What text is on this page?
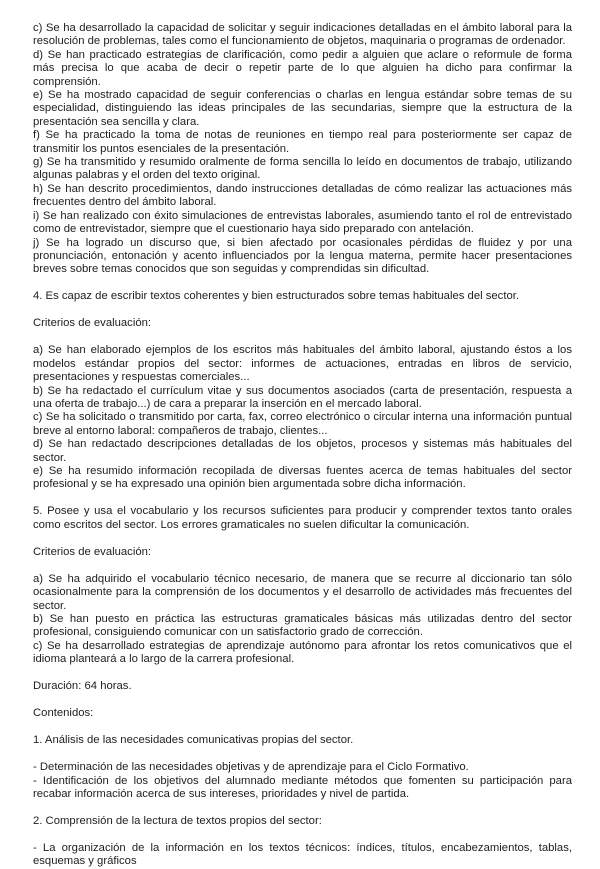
c) Se ha desarrollado la capacidad de solicitar y seguir indicaciones detalladas en el ámbito laboral para la resolución de problemas, tales como el funcionamiento de objetos, maquinaria o programas de ordenador.

d) Se han practicado estrategias de clarificación, como pedir a alguien que aclare o reformule de forma más precisa lo que acaba de decir o repetir parte de lo que alguien ha dicho para confirmar la comprensión.

e) Se ha mostrado capacidad de seguir conferencias o charlas en lengua estándar sobre temas de su especialidad, distinguiendo las ideas principales de las secundarias, siempre que la estructura de la presentación sea sencilla y clara.

f) Se ha practicado la toma de notas de reuniones en tiempo real para posteriormente ser capaz de transmitir los puntos esenciales de la presentación.

g) Se ha transmitido y resumido oralmente de forma sencilla lo leído en documentos de trabajo, utilizando algunas palabras y el orden del texto original.

h) Se han descrito procedimientos, dando instrucciones detalladas de cómo realizar las actuaciones más frecuentes dentro del ámbito laboral.

i) Se han realizado con éxito simulaciones de entrevistas laborales, asumiendo tanto el rol de entrevistado como de entrevistador, siempre que el cuestionario haya sido preparado con antelación.

j) Se ha logrado un discurso que, si bien afectado por ocasionales pérdidas de fluidez y por una pronunciación, entonación y acento influenciados por la lengua materna, permite hacer presentaciones breves sobre temas conocidos que son seguidas y comprendidas sin dificultad.

4. Es capaz de escribir textos coherentes y bien estructurados sobre temas habituales del sector.

Criterios de evaluación:

a) Se han elaborado ejemplos de los escritos más habituales del ámbito laboral, ajustando éstos a los modelos estándar propios del sector: informes de actuaciones, entradas en libros de servicio, presentaciones y respuestas comerciales...

b) Se ha redactado el currículum vitae y sus documentos asociados (carta de presentación, respuesta a una oferta de trabajo...) de cara a preparar la inserción en el mercado laboral.

c) Se ha solicitado o transmitido por carta, fax, correo electrónico o circular interna una información puntual breve al entorno laboral: compañeros de trabajo, clientes...

d) Se han redactado descripciones detalladas de los objetos, procesos y sistemas más habituales del sector.

e) Se ha resumido información recopilada de diversas fuentes acerca de temas habituales del sector profesional y se ha expresado una opinión bien argumentada sobre dicha información.

5. Posee y usa el vocabulario y los recursos suficientes para producir y comprender textos tanto orales como escritos del sector. Los errores gramaticales no suelen dificultar la comunicación.

Criterios de evaluación:

a) Se ha adquirido el vocabulario técnico necesario, de manera que se recurre al diccionario tan sólo ocasionalmente para la comprensión de los documentos y el desarrollo de actividades más frecuentes del sector.

b) Se han puesto en práctica las estructuras gramaticales básicas más utilizadas dentro del sector profesional, consiguiendo comunicar con un satisfactorio grado de corrección.

c) Se ha desarrollado estrategias de aprendizaje autónomo para afrontar los retos comunicativos que el idioma planteará a lo largo de la carrera profesional.

Duración: 64 horas.

Contenidos:

1. Análisis de las necesidades comunicativas propias del sector.

- Determinación de las necesidades objetivas y de aprendizaje para el Ciclo Formativo.

- Identificación de los objetivos del alumnado mediante métodos que fomenten su participación para recabar información acerca de sus intereses, prioridades y nivel de partida.

2. Comprensión de la lectura de textos propios del sector:

- La organización de la información en los textos técnicos: índices, títulos, encabezamientos, tablas, esquemas y gráficos
